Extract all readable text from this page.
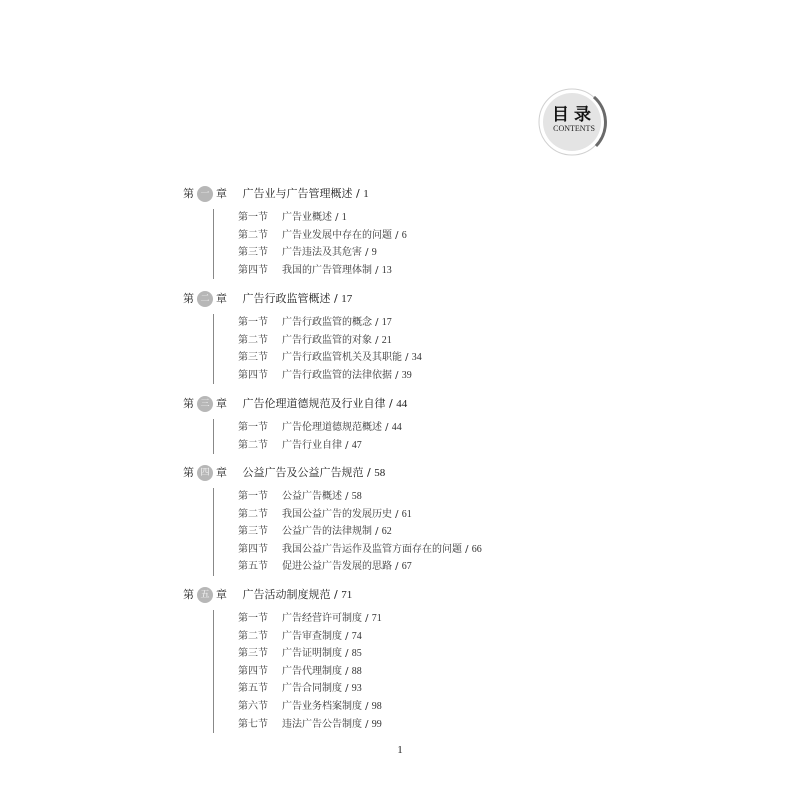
目录
CONTENTS
第 一 章 广告业与广告管理概述 / 1
第一节 广告业概述 / 1
第二节 广告业发展中存在的问题 / 6
第三节 广告违法及其危害 / 9
第四节 我国的广告管理体制 / 13
第 二 章 广告行政监管概述 / 17
第一节 广告行政监管的概念 / 17
第二节 广告行政监管的对象 / 21
第三节 广告行政监管机关及其职能 / 34
第四节 广告行政监管的法律依据 / 39
第 三 章 广告伦理道德规范及行业自律 / 44
第一节 广告伦理道德规范概述 / 44
第二节 广告行业自律 / 47
第 四 章 公益广告及公益广告规范 / 58
第一节 公益广告概述 / 58
第二节 我国公益广告的发展历史 / 61
第三节 公益广告的法律规制 / 62
第四节 我国公益广告运作及监管方面存在的问题 / 66
第五节 促进公益广告发展的思路 / 67
第 五 章 广告活动制度规范 / 71
第一节 广告经营许可制度 / 71
第二节 广告审查制度 / 74
第三节 广告证明制度 / 85
第四节 广告代理制度 / 88
第五节 广告合同制度 / 93
第六节 广告业务档案制度 / 98
第七节 违法广告公告制度 / 99
1
